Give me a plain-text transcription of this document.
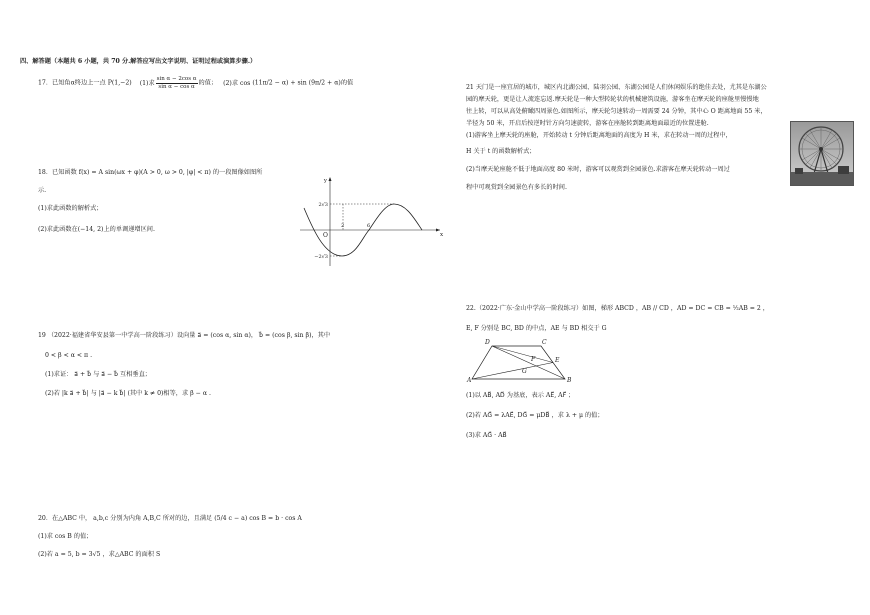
四、解答题（本题共 6 小题，共 70 分.解答应写出文字说明、证明过程或演算步骤.）
17．已知角α终边上一点 P(1,−2) (1)求 $\frac{\text{sin α − 2cos α}}{\text{sin α − cos α}}$ 的值； (2)求 cos (11π/2 − α) + sin (9π/2 + α)的值
18．已知函数 f(x) = A sin(ωx + φ)(A > 0, ω > 0, |φ| < π) 的一段图像如图所
示.
(1)求此函数的解析式；
(2)求此函数在(−14, 2)上的单调递增区间.
y
x
O
2√3
−2√3
2	6
19 （2022·福建省华安县第一中学高一阶段练习）设向量 a⃗ = (cos α, sin α)， b⃗ = (cos β, sin β)，其中
0 < β < α < π .
(1)求证： a⃗ + b⃗ 与 a⃗ − b⃗ 互相垂直；
(2)若 |k a⃗ + b⃗| 与 |a⃗ − k b⃗| (其中 k ≠ 0)相等，求 β − α .
20．在△ABC 中， a,b,c 分别为内角 A,B,C 所对的边，且满足 (5/4 c − a) cos B = b · cos A
(1)求 cos B 的值；
(2)若 a = 5, b = 3√5 ，求△ABC 的面积 S
21 天门是一座宜居的城市，城区内北湖公园、陆羽公园、东湖公园是人们休闲娱乐的绝佳去处，尤其是东湖公
园的摩天轮，更是让人流连忘返.摩天轮是一种大型转轮状的机械建筑设施，游客坐在摩天轮的座舱里慢慢地
往上转，可以从高处俯瞰四周景色.如图所示，摩天轮匀速转动一周需要 24 分钟，其中心 O 距离地面 55 米，
半径为 50 米，开启后按逆时针方向匀速旋转，游客在座舱转到距离地面最近的位置进舱.
(1)游客坐上摩天轮的座舱，开始转动 t 分钟后距离地面的高度为 H 米，求在转动一周的过程中，
H 关于 t 的函数解析式；
(2)当摩天轮座舱不低于地面高度 80 米时，游客可以观赏到全园景色.求游客在摩天轮转动一周过
程中可观赏到全园景色有多长的时间.
22.（2022·广东·金山中学高一阶段练习）如图，梯形 ABCD ，AB // CD ，AD = DC = CB = ½AB = 2 ，
E, F 分别是 BC, BD 的中点，AE 与 BD 相交于 G
A	B
C
D
E
F
G
(1)以 AB⃗, AD⃗ 为基底，表示 AE⃗, AF⃗ ；
(2)若 AG⃗ = λAE⃗, DG⃗ = μDB⃗ ，求 λ + μ 的值；
(3)求 AG⃗ · AB⃗
